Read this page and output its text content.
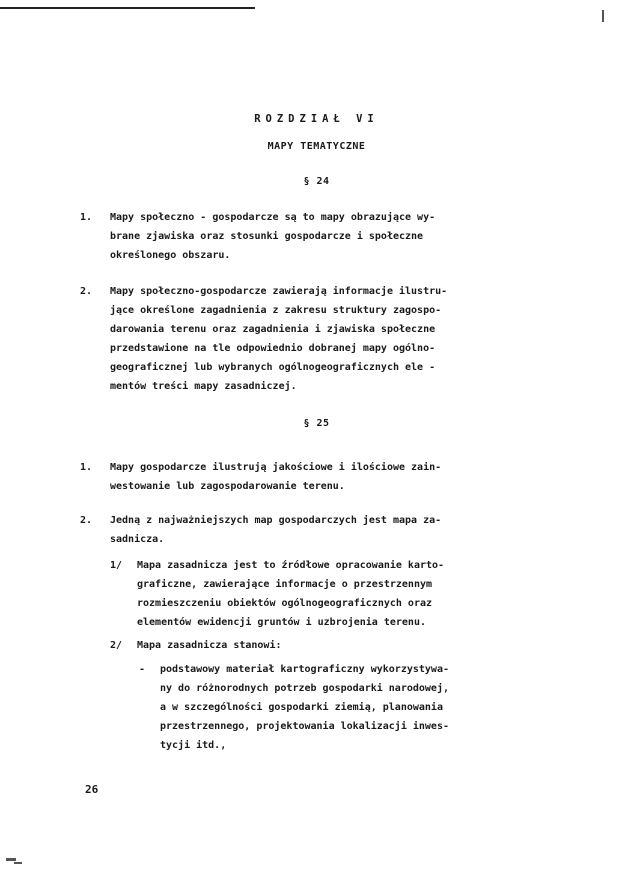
ROZDZIAŁ VI
MAPY TEMATYCZNE
§ 24
1. Mapy społeczno - gospodarcze są to mapy obrazujące wy-
brane zjawiska oraz stosunki gospodarcze i społeczne
określonego obszaru.
2. Mapy społeczno-gospodarcze zawierają informacje ilustru-
jące określone zagadnienia z zakresu struktury zagospo-
darowania terenu oraz zagadnienia i zjawiska społeczne
przedstawione na tle odpowiednio dobranej mapy ogólno-
geograficznej lub wybranych ogólnogeograficznych ele -
mentów treści mapy zasadniczej.
§ 25
1. Mapy gospodarcze ilustrują jakościowe i ilościowe zain-
westowanie lub zagospodarowanie terenu.
2. Jedną z najważniejszych map gospodarczych jest mapa za-
sadnicza.
1/ Mapa zasadnicza jest to źródłowe opracowanie karto-
graficzne, zawierające informacje o przestrzennym
rozmieszczeniu obiektów ogólnogeograficznych oraz
elementów ewidencji gruntów i uzbrojenia terenu.
2/ Mapa zasadnicza stanowi:
- podstawowy materiał kartograficzny wykorzystywa-
ny do różnorodnych potrzeb gospodarki narodowej,
a w szczególności gospodarki ziemią, planowania
przestrzennego, projektowania lokalizacji inwes-
tycji itd.,
26
